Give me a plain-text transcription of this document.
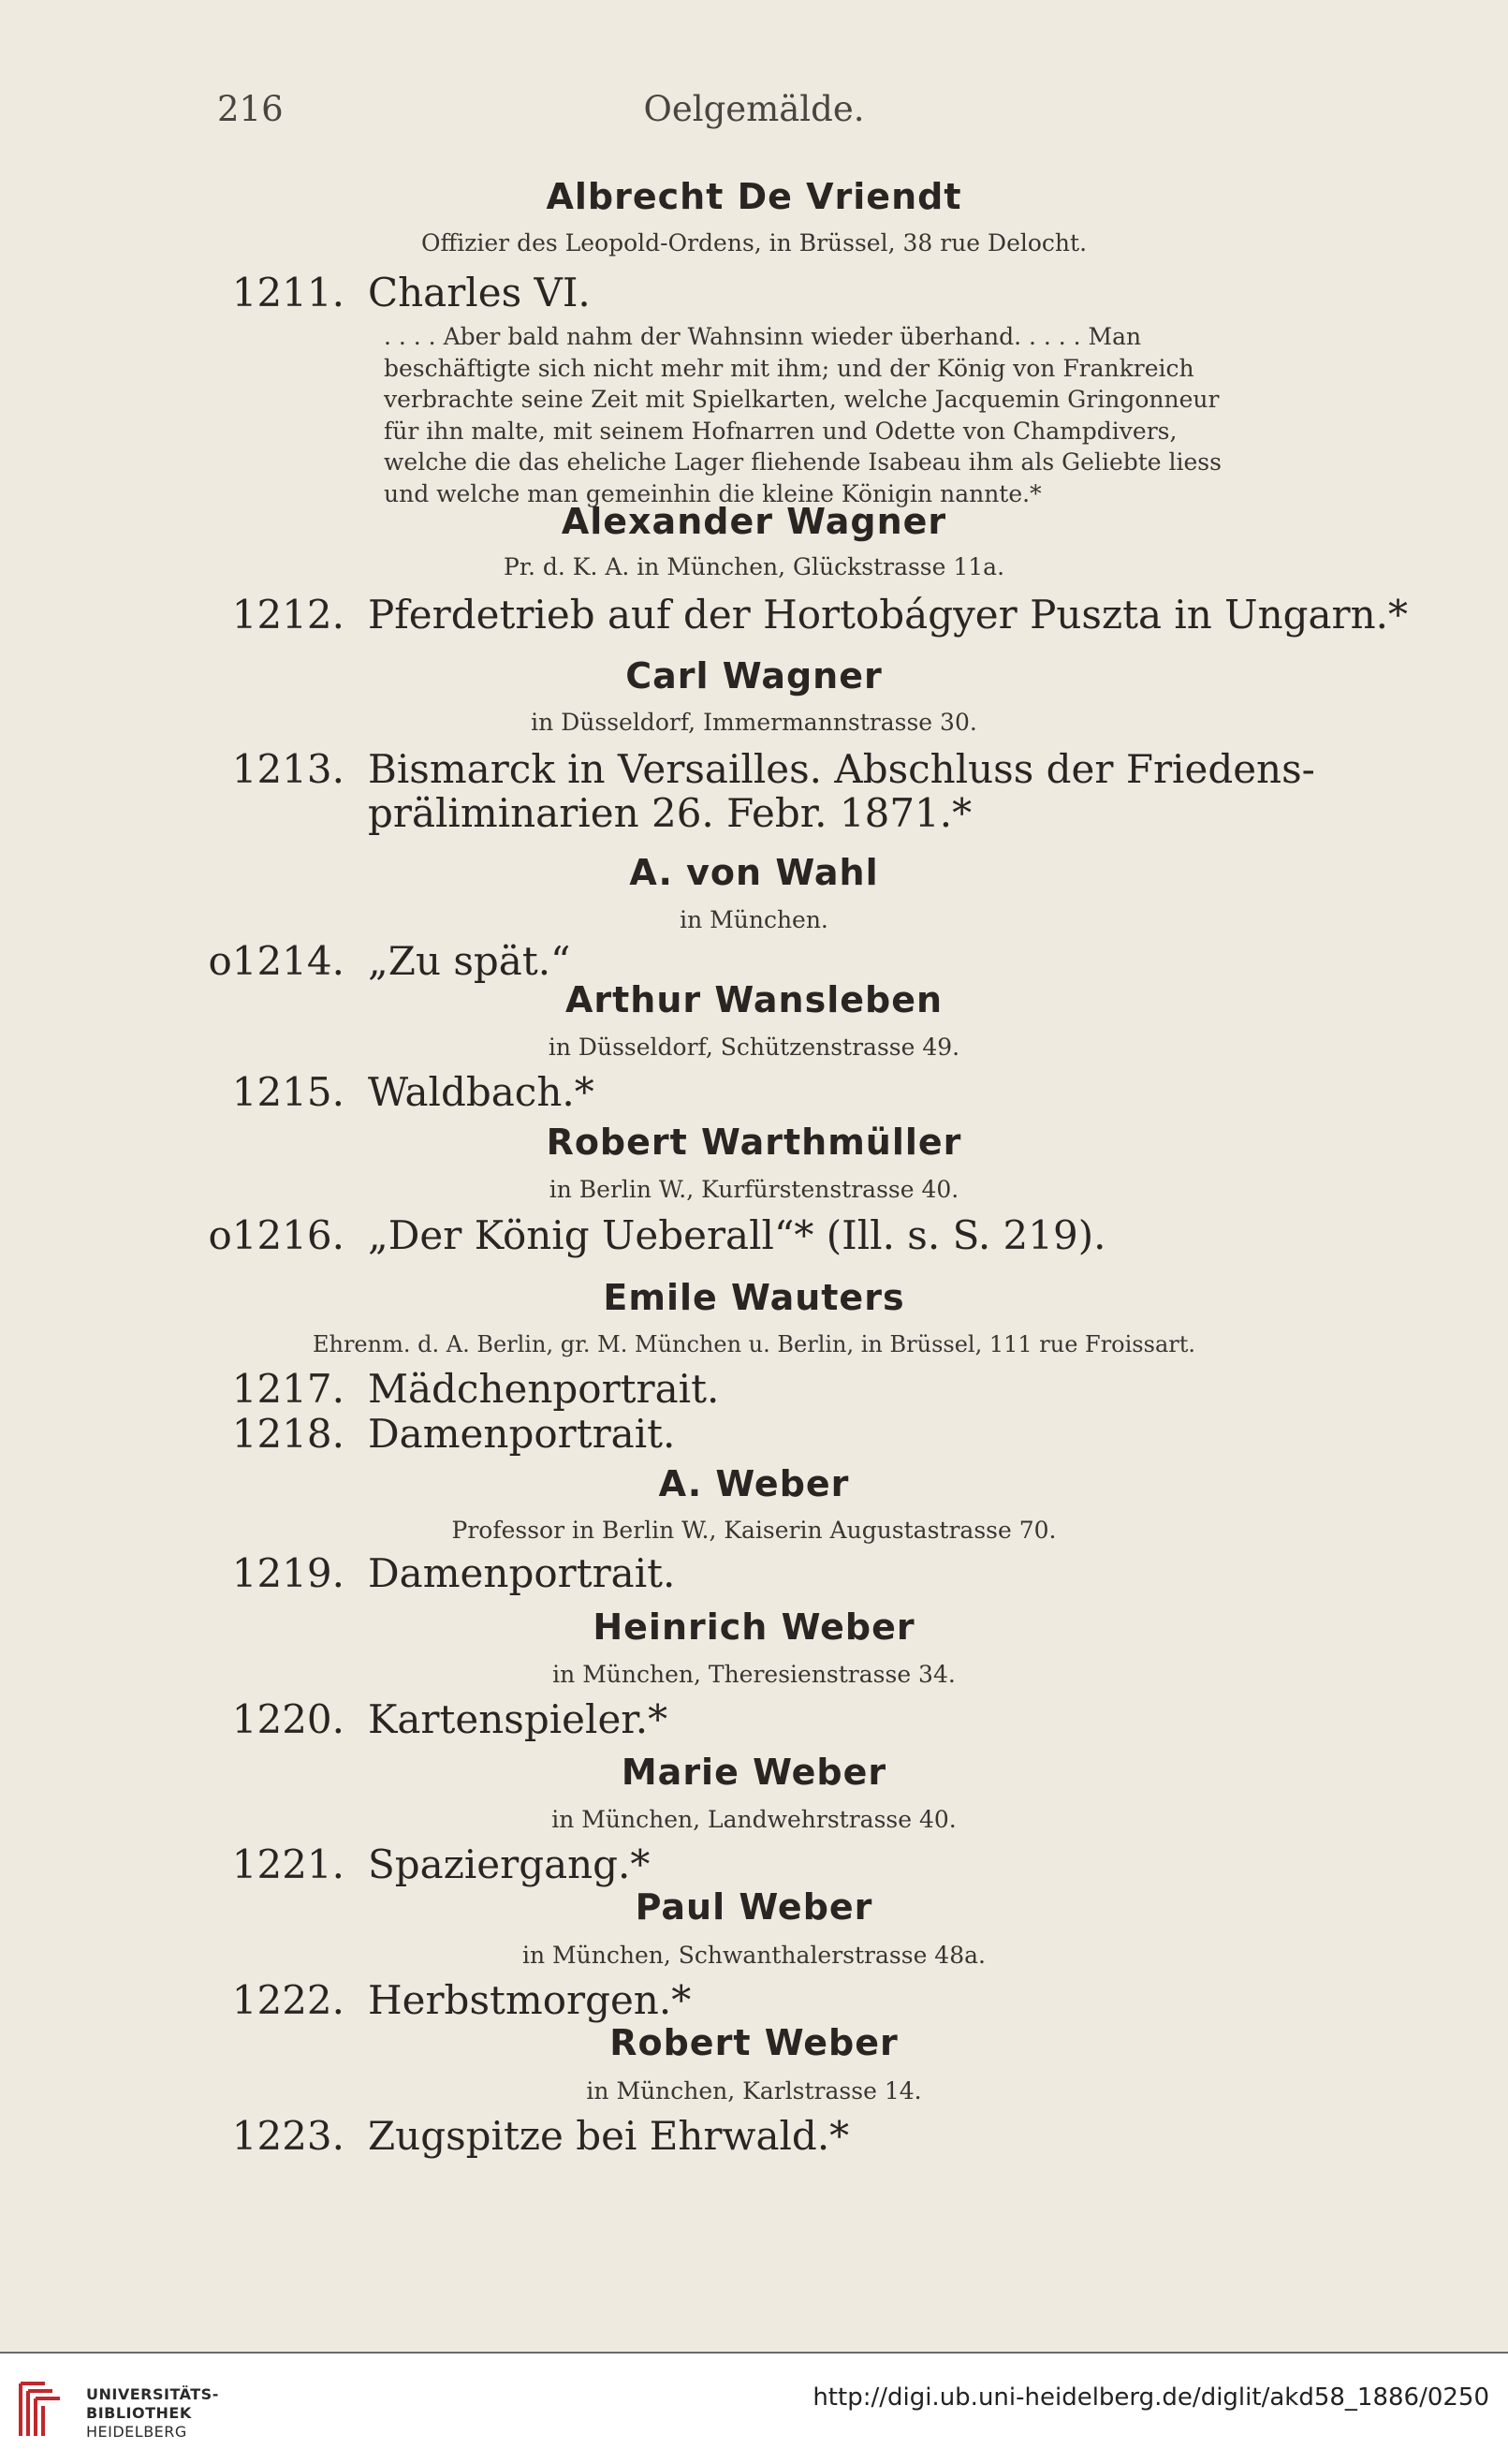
216	Oelgemälde.
Albrecht De Vriendt
Offizier des Leopold-Ordens, in Brüssel, 38 rue Delocht.
1211. Charles VI.

. . . . Aber bald nahm der Wahnsinn wieder überhand. . . . . Man

beschäftigte sich nicht mehr mit ihm; und der König von Frankreich

verbrachte seine Zeit mit Spielkarten, welche Jacquemin Gringonneur

für ihn malte, mit seinem Hofnarren und Odette von Champdivers,

welche die das eheliche Lager fliehende Isabeau ihm als Geliebte liess

und welche man gemeinhin die kleine Königin nannte.*

Alexander Wagner
Pr. d. K. A. in München, Glückstrasse 11a.
1212. Pferdetrieb auf der Hortobágyer Puszta in Ungarn.*
Carl Wagner
in Düsseldorf, Immermannstrasse 30.
1213. Bismarck in Versailles. Abschluss der Friedens-
präliminarien 26. Febr. 1871.*
A. von Wahl
in München.
o1214. „Zu spät.“
Arthur Wansleben
in Düsseldorf, Schützenstrasse 49.
1215. Waldbach.*
Robert Warthmüller
in Berlin W., Kurfürstenstrasse 40.
o1216. „Der König Ueberall“* (Ill. s. S. 219).
Emile Wauters
Ehrenm. d. A. Berlin, gr. M. München u. Berlin, in Brüssel, 111 rue Froissart.
1217. Mädchenportrait.
1218. Damenportrait.
A. Weber
Professor in Berlin W., Kaiserin Augustastrasse 70.
1219. Damenportrait.
Heinrich Weber
in München, Theresienstrasse 34.
1220. Kartenspieler.*
Marie Weber
in München, Landwehrstrasse 40.
1221. Spaziergang.*
Paul Weber
in München, Schwanthalerstrasse 48a.
1222. Herbstmorgen.*
Robert Weber
in München, Karlstrasse 14.
1223. Zugspitze bei Ehrwald.*
UNIVERSITÄTS-
BIBLIOTHEK
HEIDELBERG
http://digi.ub.uni-heidelberg.de/diglit/akd58_1886/0250
